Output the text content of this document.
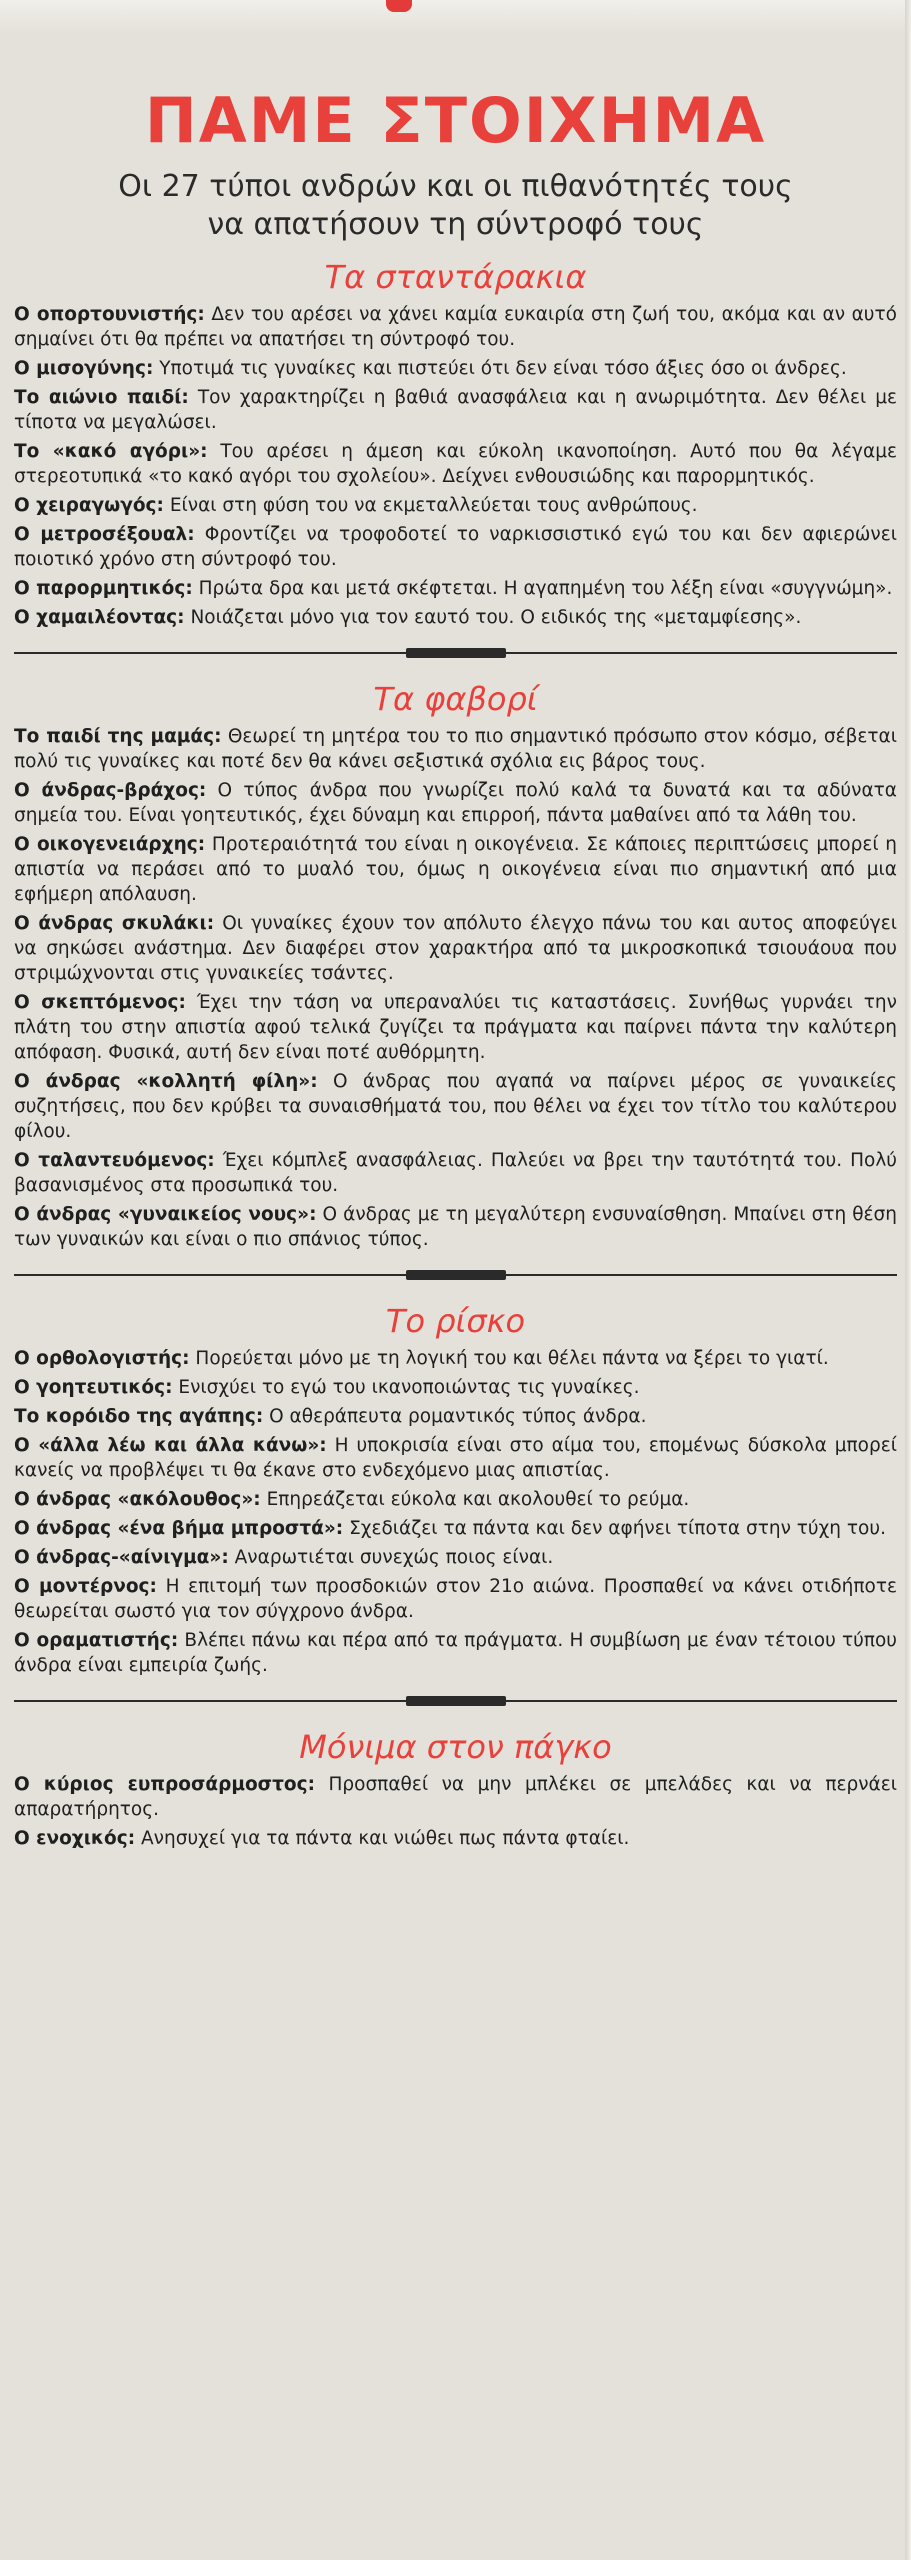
ΠΑΜΕ ΣΤΟΙΧΗΜΑ
Οι 27 τύποι ανδρών και οι πιθανότητές τους
να απατήσουν τη σύντροφό τους
Τα σταντάρακια

Ο οπορτουνιστής: Δεν του αρέσει να χάνει καμία ευκαιρία στη ζωή του, ακόμα και αν αυτό σημαίνει ότι θα πρέπει να απατήσει τη σύντροφό του.

Ο μισογύνης: Υποτιμά τις γυναίκες και πιστεύει ότι δεν είναι τόσο άξιες όσο οι άνδρες.

Το αιώνιο παιδί: Τον χαρακτηρίζει η βαθιά ανασφάλεια και η ανωριμότητα. Δεν θέλει με τίποτα να μεγαλώσει.

Το «κακό αγόρι»: Του αρέσει η άμεση και εύκολη ικανοποίηση. Αυτό που θα λέγαμε στερεοτυπικά «το κακό αγόρι του σχολείου». Δείχνει ενθουσιώδης και παρορμητικός.

Ο χειραγωγός: Είναι στη φύση του να εκμεταλλεύεται τους ανθρώπους.

Ο μετροσέξουαλ: Φροντίζει να τροφοδοτεί το ναρκισσιστικό εγώ του και δεν αφιερώνει ποιοτικό χρόνο στη σύντροφό του.

Ο παρορμητικός: Πρώτα δρα και μετά σκέφτεται. Η αγαπημένη του λέξη είναι «συγγνώμη».

Ο χαμαιλέοντας: Νοιάζεται μόνο για τον εαυτό του. Ο ειδικός της «μεταμφίεσης».

Τα φαβορί

Το παιδί της μαμάς: Θεωρεί τη μητέρα του το πιο σημαντικό πρόσωπο στον κόσμο, σέβεται πολύ τις γυναίκες και ποτέ δεν θα κάνει σεξιστικά σχόλια εις βάρος τους.

Ο άνδρας-βράχος: Ο τύπος άνδρα που γνωρίζει πολύ καλά τα δυνατά και τα αδύνατα σημεία του. Είναι γοητευτικός, έχει δύναμη και επιρροή, πάντα μαθαίνει από τα λάθη του.

Ο οικογενειάρχης: Προτεραιότητά του είναι η οικογένεια. Σε κάποιες περιπτώσεις μπορεί η απιστία να περάσει από το μυαλό του, όμως η οικογένεια είναι πιο σημαντική από μια εφήμερη απόλαυση.

Ο άνδρας σκυλάκι: Οι γυναίκες έχουν τον απόλυτο έλεγχο πάνω του και αυτος αποφεύγει να σηκώσει ανάστημα. Δεν διαφέρει στον χαρακτήρα από τα μικροσκοπικά τσιουάουα που στριμώχνονται στις γυναικείες τσάντες.

Ο σκεπτόμενος: Έχει την τάση να υπεραναλύει τις καταστάσεις. Συνήθως γυρνάει την πλάτη του στην απιστία αφού τελικά ζυγίζει τα πράγματα και παίρνει πάντα την καλύτερη απόφαση. Φυσικά, αυτή δεν είναι ποτέ αυθόρμητη.

Ο άνδρας «κολλητή φίλη»: Ο άνδρας που αγαπά να παίρνει μέρος σε γυναικείες συζητήσεις, που δεν κρύβει τα συναισθήματά του, που θέλει να έχει τον τίτλο του καλύτερου φίλου.

Ο ταλαντευόμενος: Έχει κόμπλεξ ανασφάλειας. Παλεύει να βρει την ταυτότητά του. Πολύ βασανισμένος στα προσωπικά του.

Ο άνδρας «γυναικείος νους»: Ο άνδρας με τη μεγαλύτερη ενσυναίσθηση. Μπαίνει στη θέση των γυναικών και είναι ο πιο σπάνιος τύπος.

Το ρίσκο

Ο ορθολογιστής: Πορεύεται μόνο με τη λογική του και θέλει πάντα να ξέρει το γιατί.

Ο γοητευτικός: Ενισχύει το εγώ του ικανοποιώντας τις γυναίκες.

Το κορόιδο της αγάπης: Ο αθεράπευτα ρομαντικός τύπος άνδρα.

Ο «άλλα λέω και άλλα κάνω»: Η υποκρισία είναι στο αίμα του, επομένως δύσκολα μπορεί κανείς να προβλέψει τι θα έκανε στο ενδεχόμενο μιας απιστίας.

Ο άνδρας «ακόλουθος»: Επηρεάζεται εύκολα και ακολουθεί το ρεύμα.

Ο άνδρας «ένα βήμα μπροστά»: Σχεδιάζει τα πάντα και δεν αφήνει τίποτα στην τύχη του.

Ο άνδρας-«αίνιγμα»: Αναρωτιέται συνεχώς ποιος είναι.

Ο μοντέρνος: Η επιτομή των προσδοκιών στον 21ο αιώνα. Προσπαθεί να κάνει οτιδήποτε θεωρείται σωστό για τον σύγχρονο άνδρα.

Ο οραματιστής: Βλέπει πάνω και πέρα από τα πράγματα. Η συμβίωση με έναν τέτοιου τύπου άνδρα είναι εμπειρία ζωής.

Μόνιμα στον πάγκο

Ο κύριος ευπροσάρμοστος: Προσπαθεί να μην μπλέκει σε μπελάδες και να περνάει απαρατήρητος.

Ο ενοχικός: Ανησυχεί για τα πάντα και νιώθει πως πάντα φταίει.
